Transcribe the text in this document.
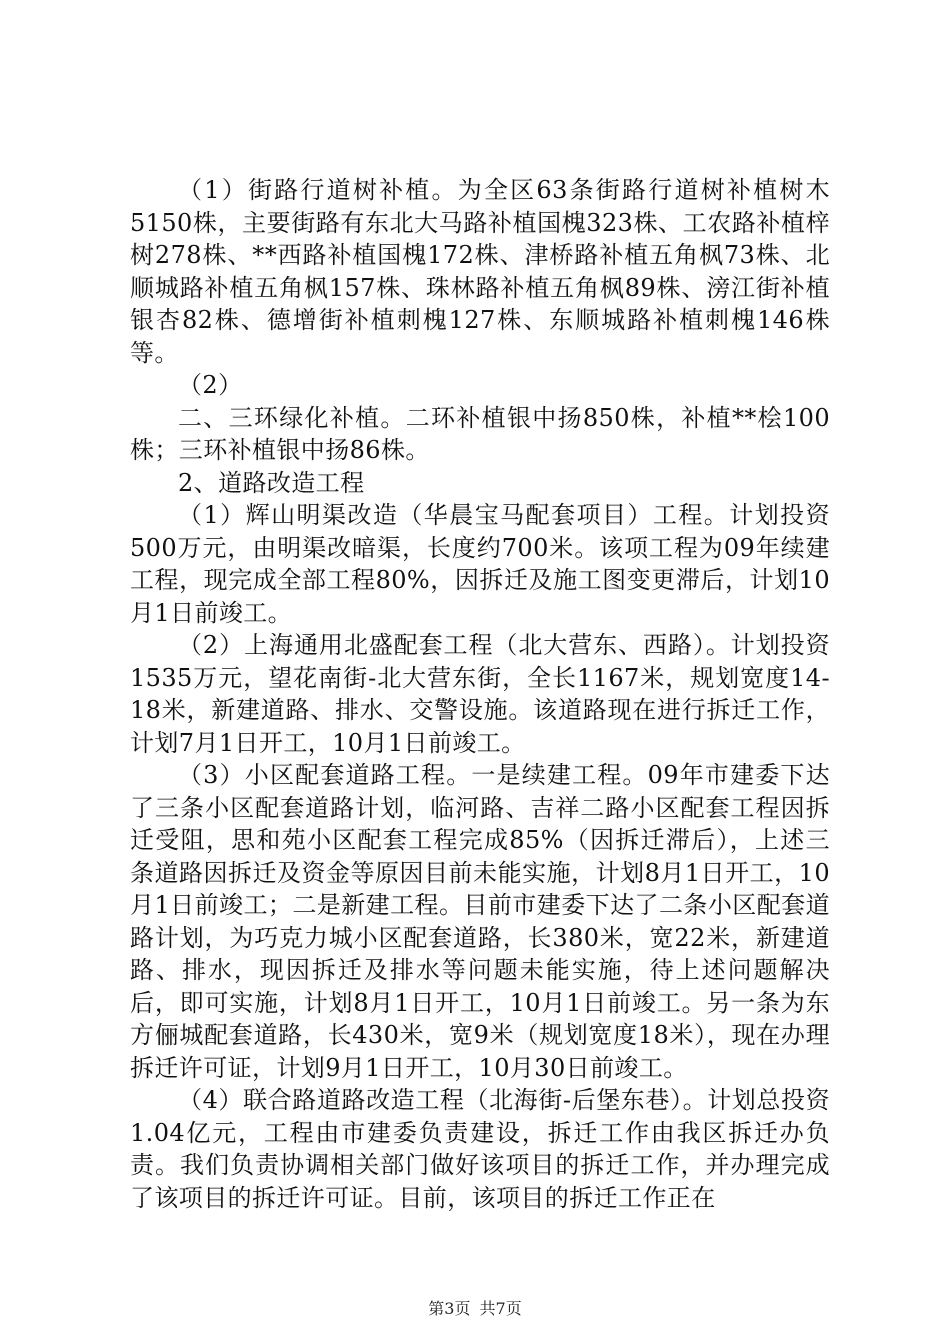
（1）街路行道树补植。为全区63条街路行道树补植树木5150株，主要街路有东北大马路补植国槐323株、工农路补植梓树278株、**西路补植国槐172株、津桥路补植五角枫73株、北顺城路补植五角枫157株、珠林路补植五角枫89株、滂江街补植银杏82株、德增街补植刺槐127株、东顺城路补植刺槐146株等。

（2）

二、三环绿化补植。二环补植银中扬850株，补植**桧100株；三环补植银中扬86株。

2、道路改造工程

（1）辉山明渠改造（华晨宝马配套项目）工程。计划投资500万元，由明渠改暗渠，长度约700米。该项工程为09年续建工程，现完成全部工程80%，因拆迁及施工图变更滞后，计划10月1日前竣工。

（2）上海通用北盛配套工程（北大营东、西路）。计划投资1535万元，望花南街-北大营东街，全长1167米，规划宽度14-18米，新建道路、排水、交警设施。该道路现在进行拆迁工作，计划7月1日开工，10月1日前竣工。

（3）小区配套道路工程。一是续建工程。09年市建委下达了三条小区配套道路计划，临河路、吉祥二路小区配套工程因拆迁受阻，思和苑小区配套工程完成85%（因拆迁滞后），上述三条道路因拆迁及资金等原因目前未能实施，计划8月1日开工，10月1日前竣工；二是新建工程。目前市建委下达了二条小区配套道路计划，为巧克力城小区配套道路，长380米，宽22米，新建道路、排水，现因拆迁及排水等问题未能实施，待上述问题解决后，即可实施，计划8月1日开工，10月1日前竣工。另一条为东方俪城配套道路，长430米，宽9米（规划宽度18米），现在办理拆迁许可证，计划9月1日开工，10月30日前竣工。

（4）联合路道路改造工程（北海街-后堡东巷）。计划总投资1.04亿元，工程由市建委负责建设，拆迁工作由我区拆迁办负责。我们负责协调相关部门做好该项目的拆迁工作，并办理完成了该项目的拆迁许可证。目前，该项目的拆迁工作正在

第3页 共7页
